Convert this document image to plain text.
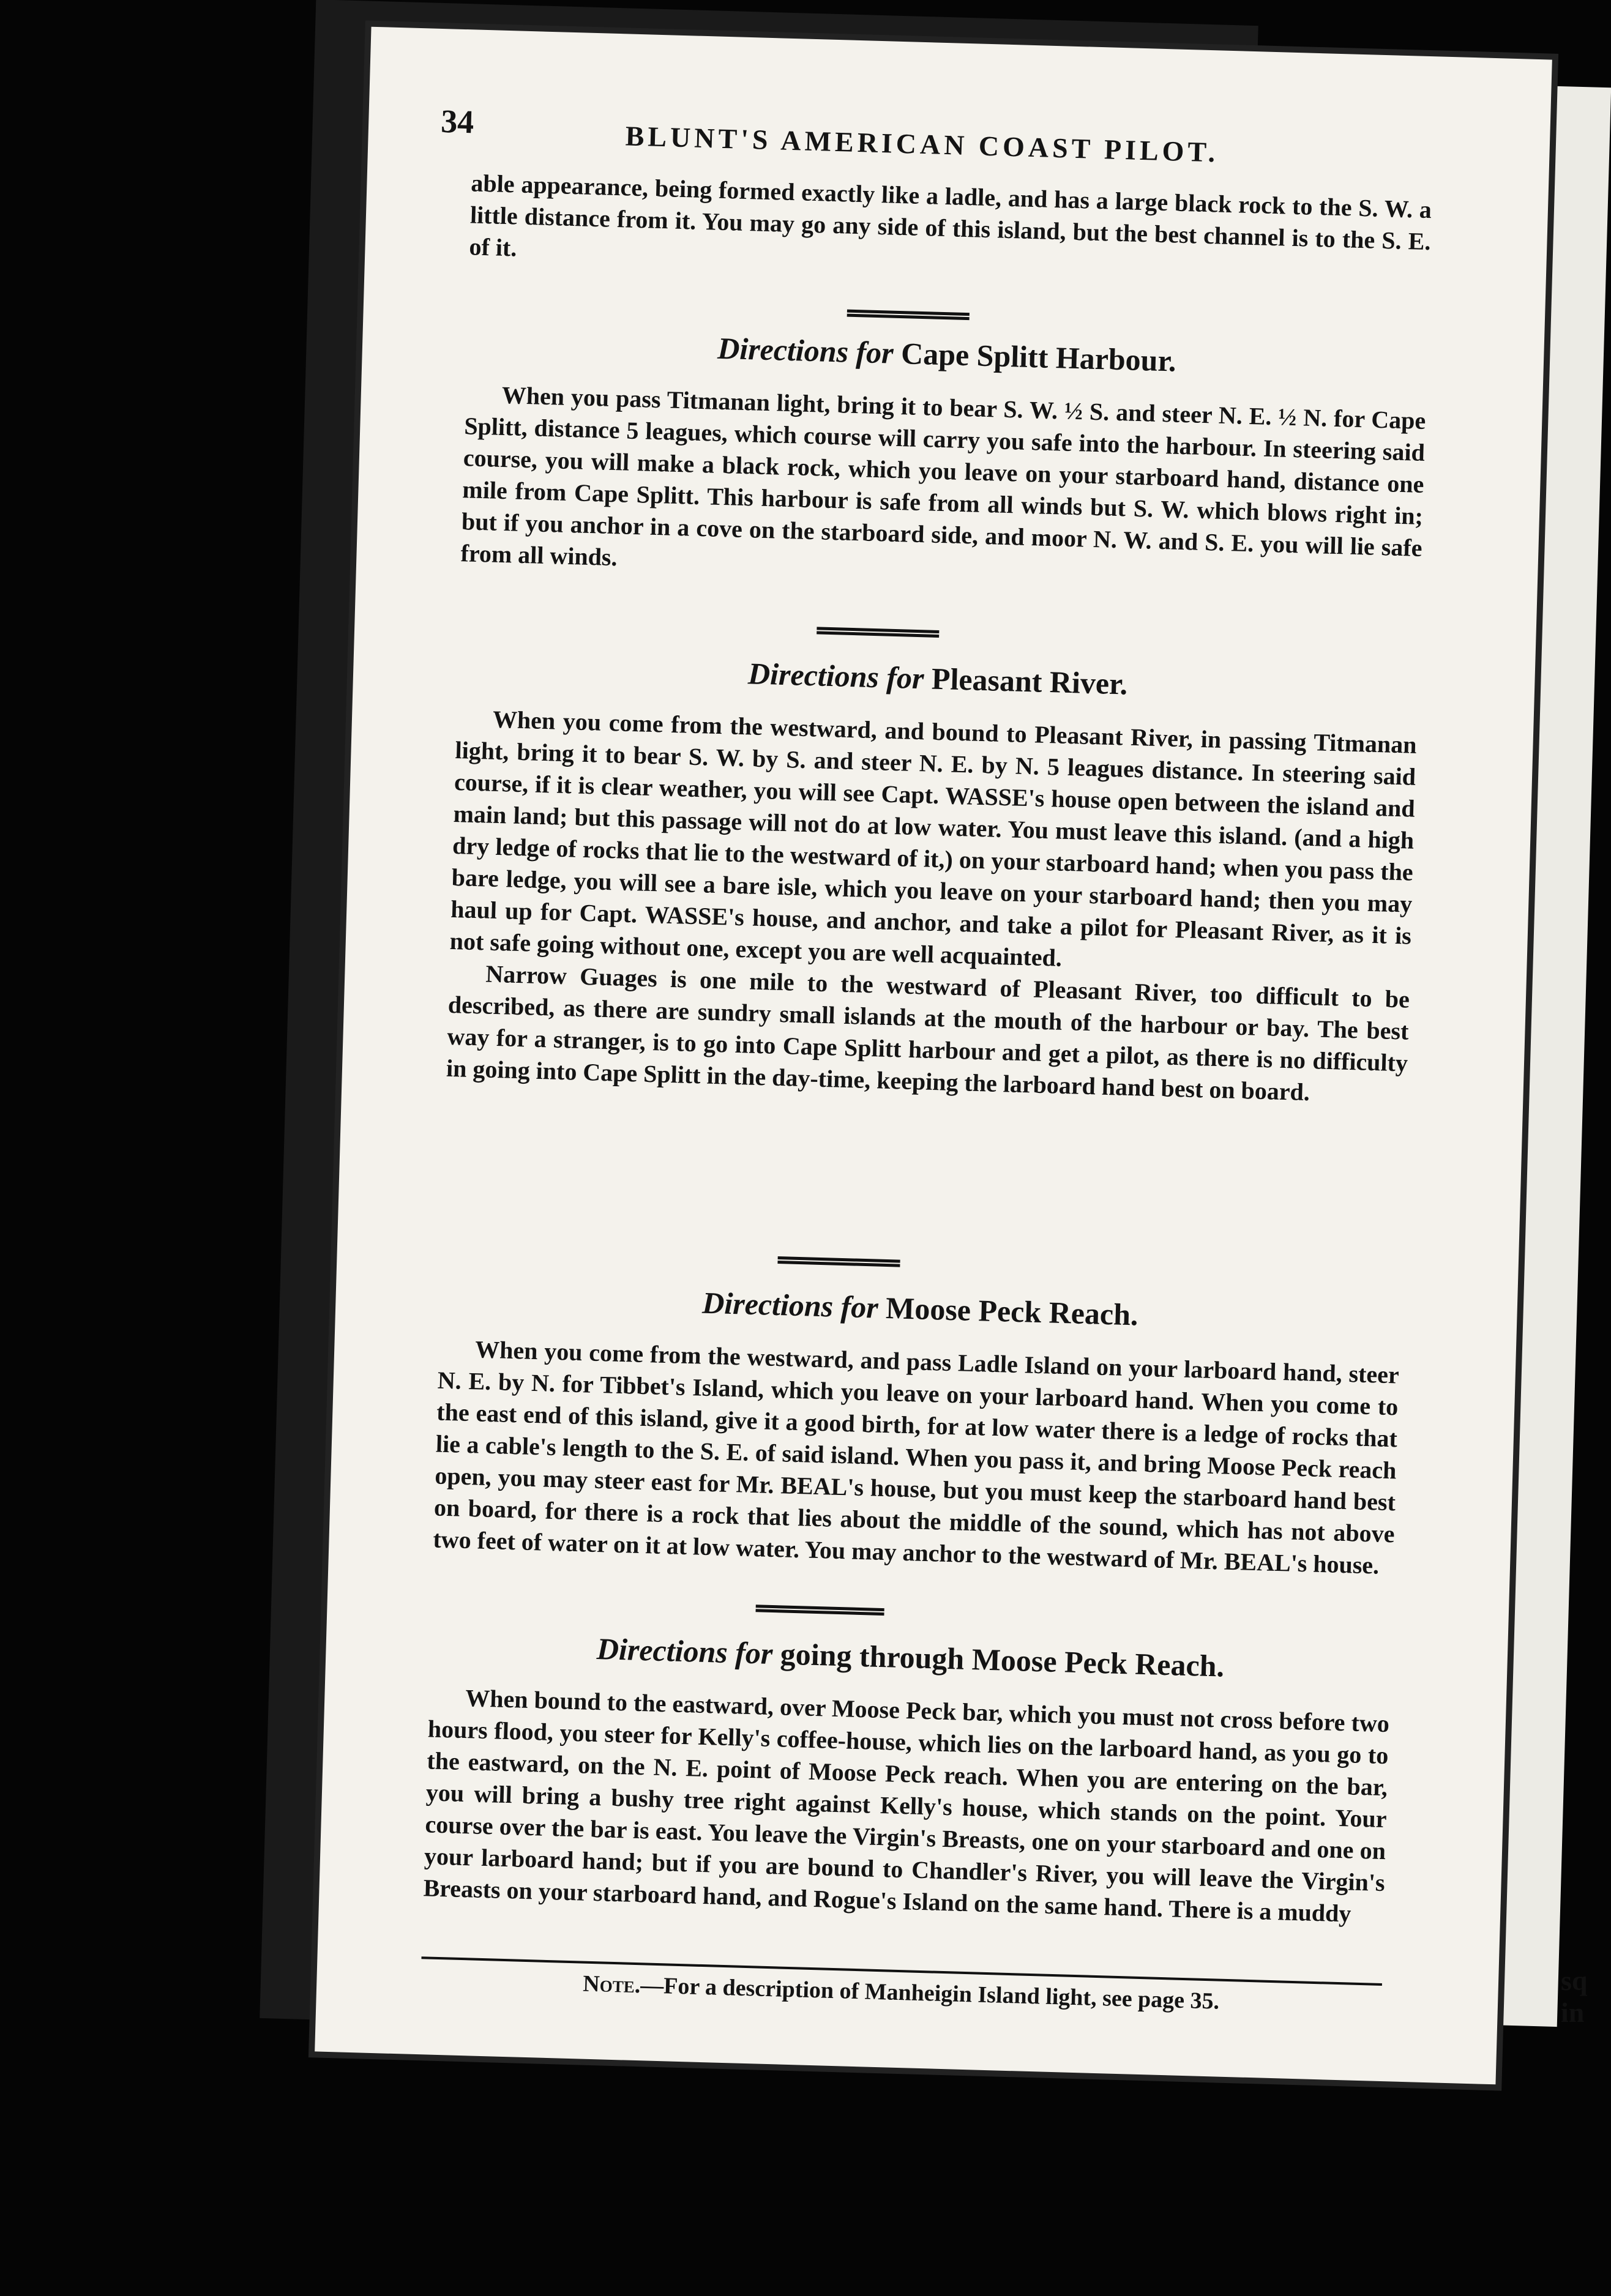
34	BLUNT'S AMERICAN COAST PILOT.

able appearance, being formed exactly like a ladle, and has a large black rock to the S. W. a little distance from it. You may go any side of this island, but the best channel is to the S. E. of it.

Directions for Cape Splitt Harbour.

When you pass Titmanan light, bring it to bear S. W. ½ S. and steer N. E. ½ N. for Cape Splitt, distance 5 leagues, which course will carry you safe into the harbour. In steering said course, you will make a black rock, which you leave on your starboard hand, distance one mile from Cape Splitt. This harbour is safe from all winds but S. W. which blows right in; but if you anchor in a cove on the starboard side, and moor N. W. and S. E. you will lie safe from all winds.

Directions for Pleasant River.

When you come from the westward, and bound to Pleasant River, in passing Titmanan light, bring it to bear S. W. by S. and steer N. E. by N. 5 leagues distance. In steering said course, if it is clear weather, you will see Capt. WASSE's house open between the island and main land; but this passage will not do at low water. You must leave this island. (and a high dry ledge of rocks that lie to the westward of it,) on your starboard hand; when you pass the bare ledge, you will see a bare isle, which you leave on your starboard hand; then you may haul up for Capt. WASSE's house, and anchor, and take a pilot for Pleasant River, as it is not safe going without one, except you are well acquainted.

Narrow Guages is one mile to the westward of Pleasant River, too difficult to be described, as there are sundry small islands at the mouth of the harbour or bay. The best way for a stranger, is to go into Cape Splitt harbour and get a pilot, as there is no difficulty in going into Cape Splitt in the day-time, keeping the larboard hand best on board.

Directions for Moose Peck Reach.

When you come from the westward, and pass Ladle Island on your larboard hand, steer N. E. by N. for Tibbet's Island, which you leave on your larboard hand. When you come to the east end of this island, give it a good birth, for at low water there is a ledge of rocks that lie a cable's length to the S. E. of said island. When you pass it, and bring Moose Peck reach open, you may steer east for Mr. BEAL's house, but you must keep the starboard hand best on board, for there is a rock that lies about the middle of the sound, which has not above two feet of water on it at low water. You may anchor to the westward of Mr. BEAL's house.

Directions for going through Moose Peck Reach.

When bound to the eastward, over Moose Peck bar, which you must not cross before two hours flood, you steer for Kelly's coffee-house, which lies on the larboard hand, as you go to the eastward, on the N. E. point of Moose Peck reach. When you are entering on the bar, you will bring a bushy tree right against Kelly's house, which stands on the point. Your course over the bar is east. You leave the Virgin's Breasts, one on your starboard and one on your larboard hand; but if you are bound to Chandler's River, you will leave the Virgin's Breasts on your starboard hand, and Rogue's Island on the same hand. There is a muddy

Note.—For a description of Manheigin Island light, see page 35.	sq
in
